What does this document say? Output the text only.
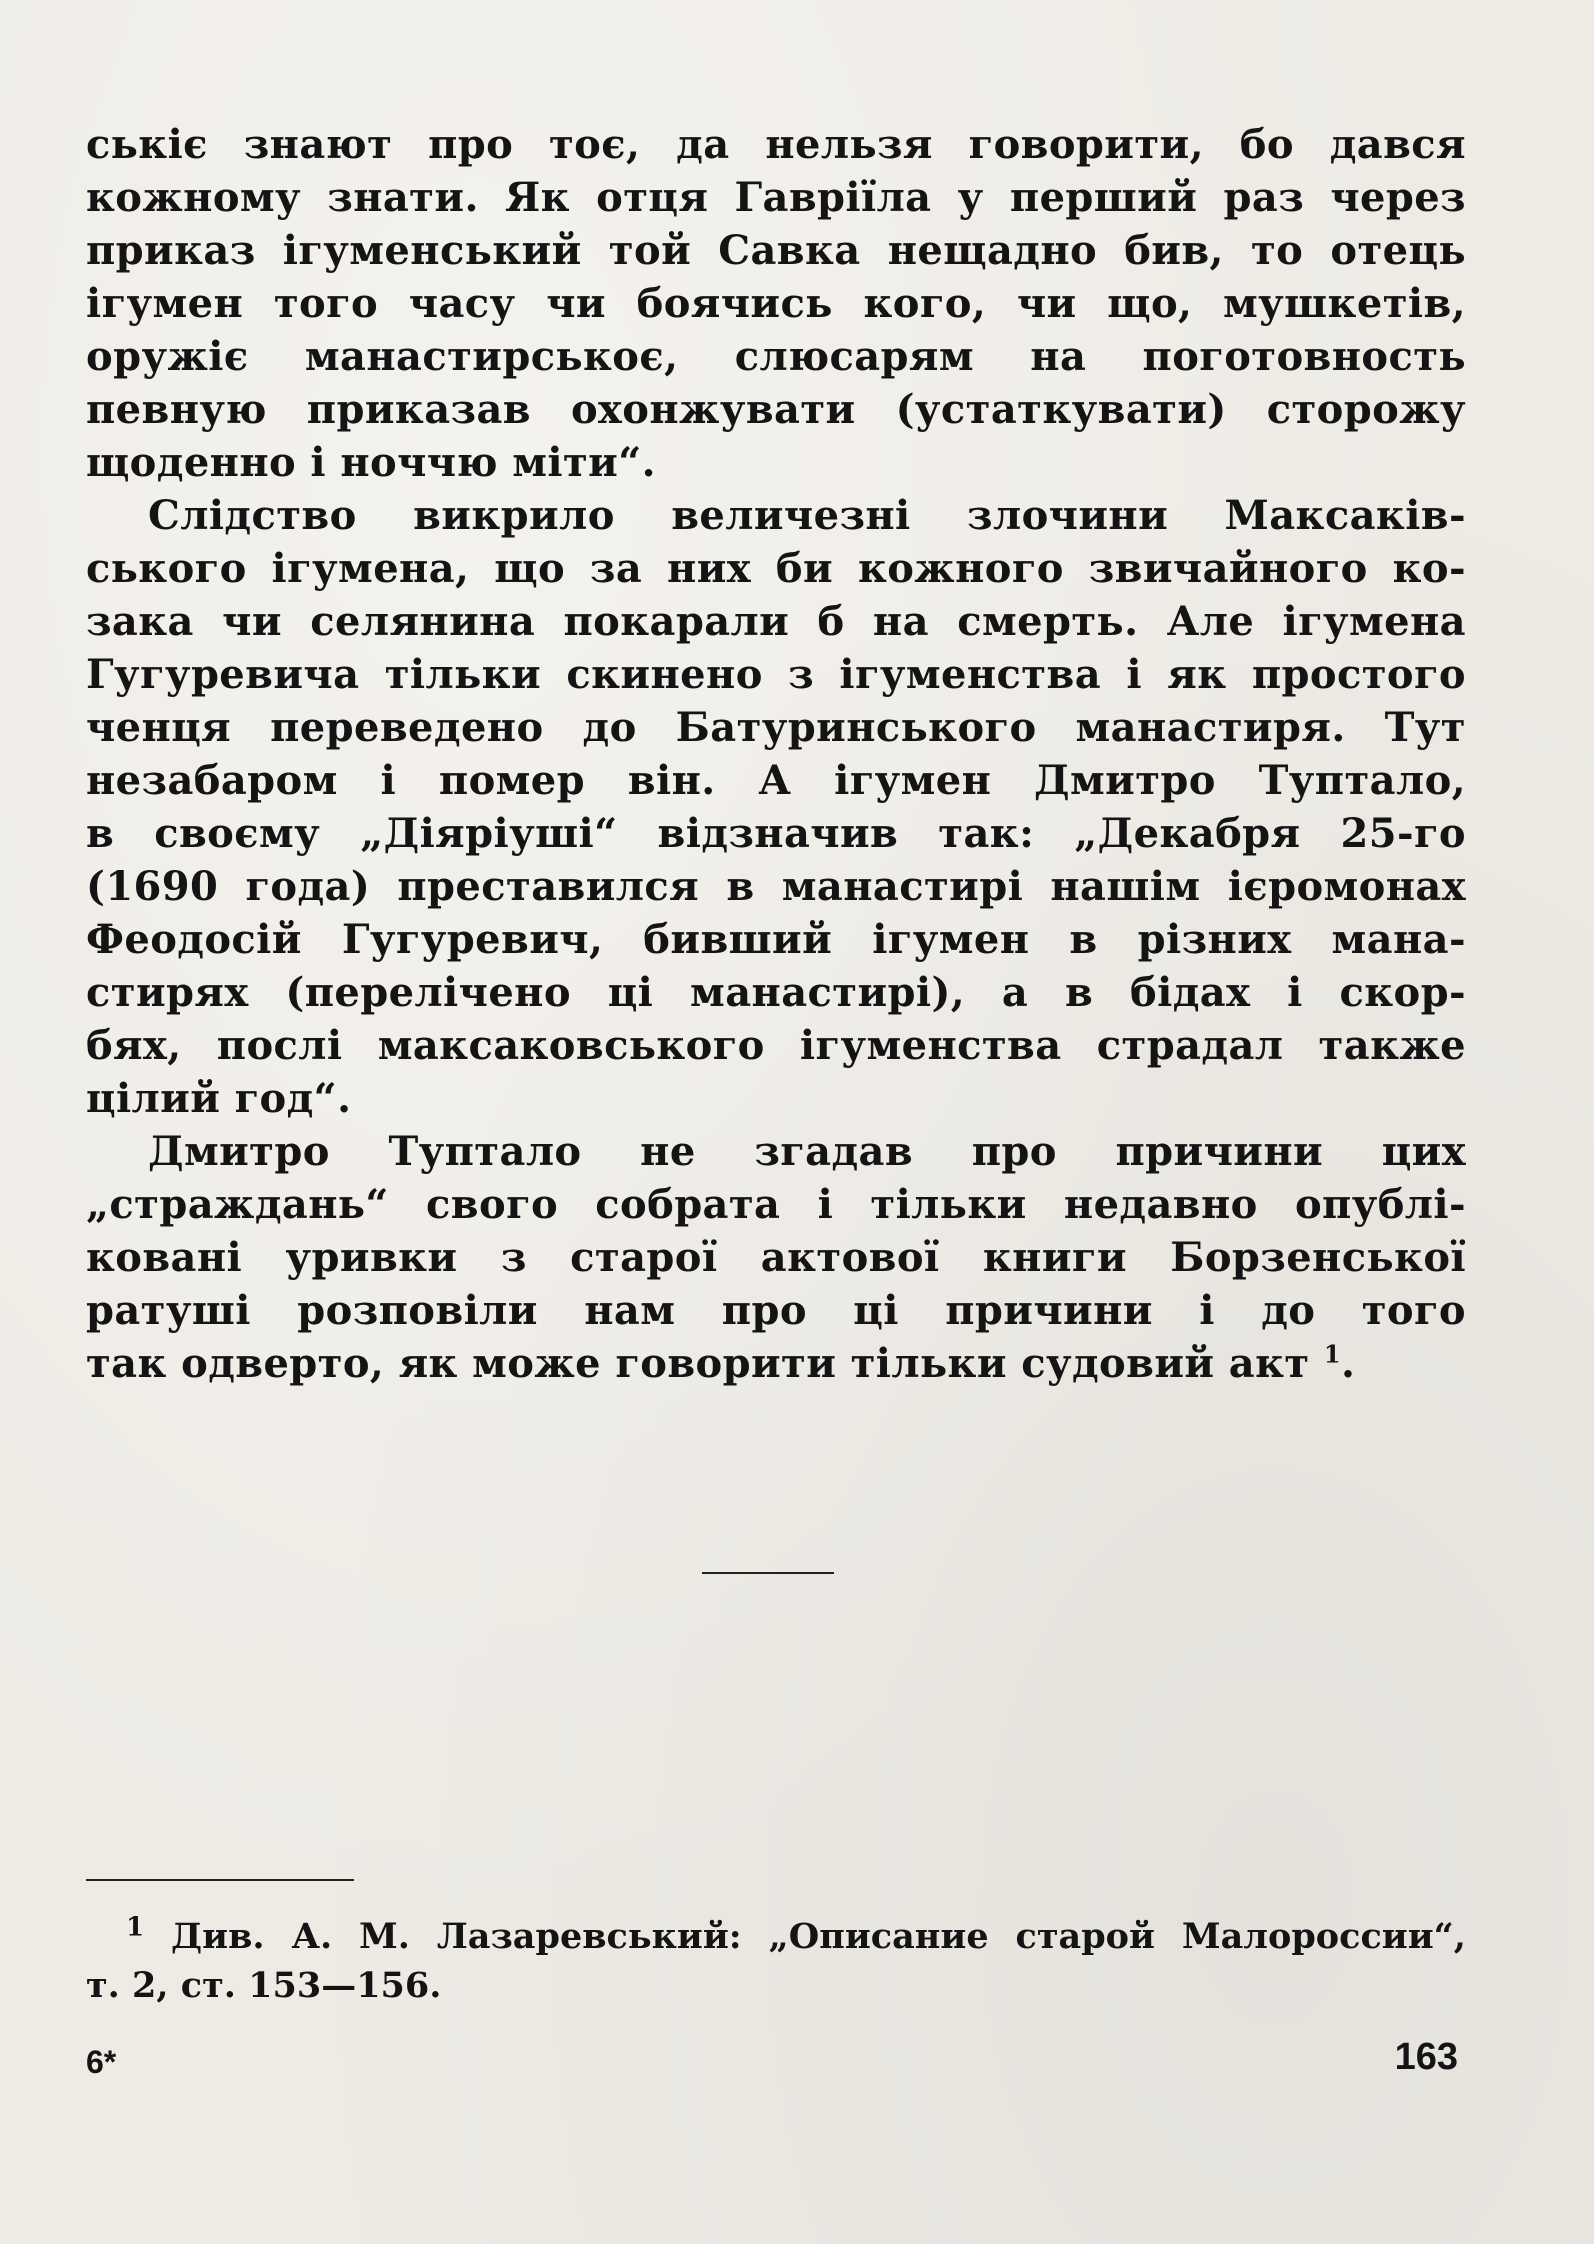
ськіє знают про тоє, да нельзя говорити, бо дався
кожному знати. Як отця Гавріїла у перший раз через
приказ ігуменський той Савка нещадно бив, то отець
ігумен того часу чи боячись кого, чи що, мушкетів,
оружіє манастирськоє, слюсарям на поготовность
певную приказав охонжувати (устаткувати) сторожу
щоденно і ноччю міти“.

Слідство викрило величезні злочини Максаків-
ського ігумена, що за них би кожного звичайного ко-
зака чи селянина покарали б на смерть. Але ігумена
Гугуревича тільки скинено з ігуменства і як простого
ченця переведено до Батуринського манастиря. Тут
незабаром і помер він. А ігумен Дмитро Туптало,
в своєму „Діяріуші“ відзначив так: „Декабря 25-го
(1690 года) преставился в манастирі нашім ієромонах
Феодосій Гугуревич, бивший ігумен в різних мана-
стирях (перелічено ці манастирі), а в бідах і скор-
бях, послі максаковського ігуменства страдал также
цілий год“.

Дмитро Туптало не згадав про причини цих
„страждань“ свого собрата і тільки недавно опублі-
ковані уривки з старої актової книги Борзенської
ратуші розповіли нам про ці причини і до того
так одверто, як може говорити тільки судовий акт $^1$.

$^1$ Див. А. М. Лазаревський: „Описание старой Малороссии“,
т. 2, ст. 153—156.
6*	163
